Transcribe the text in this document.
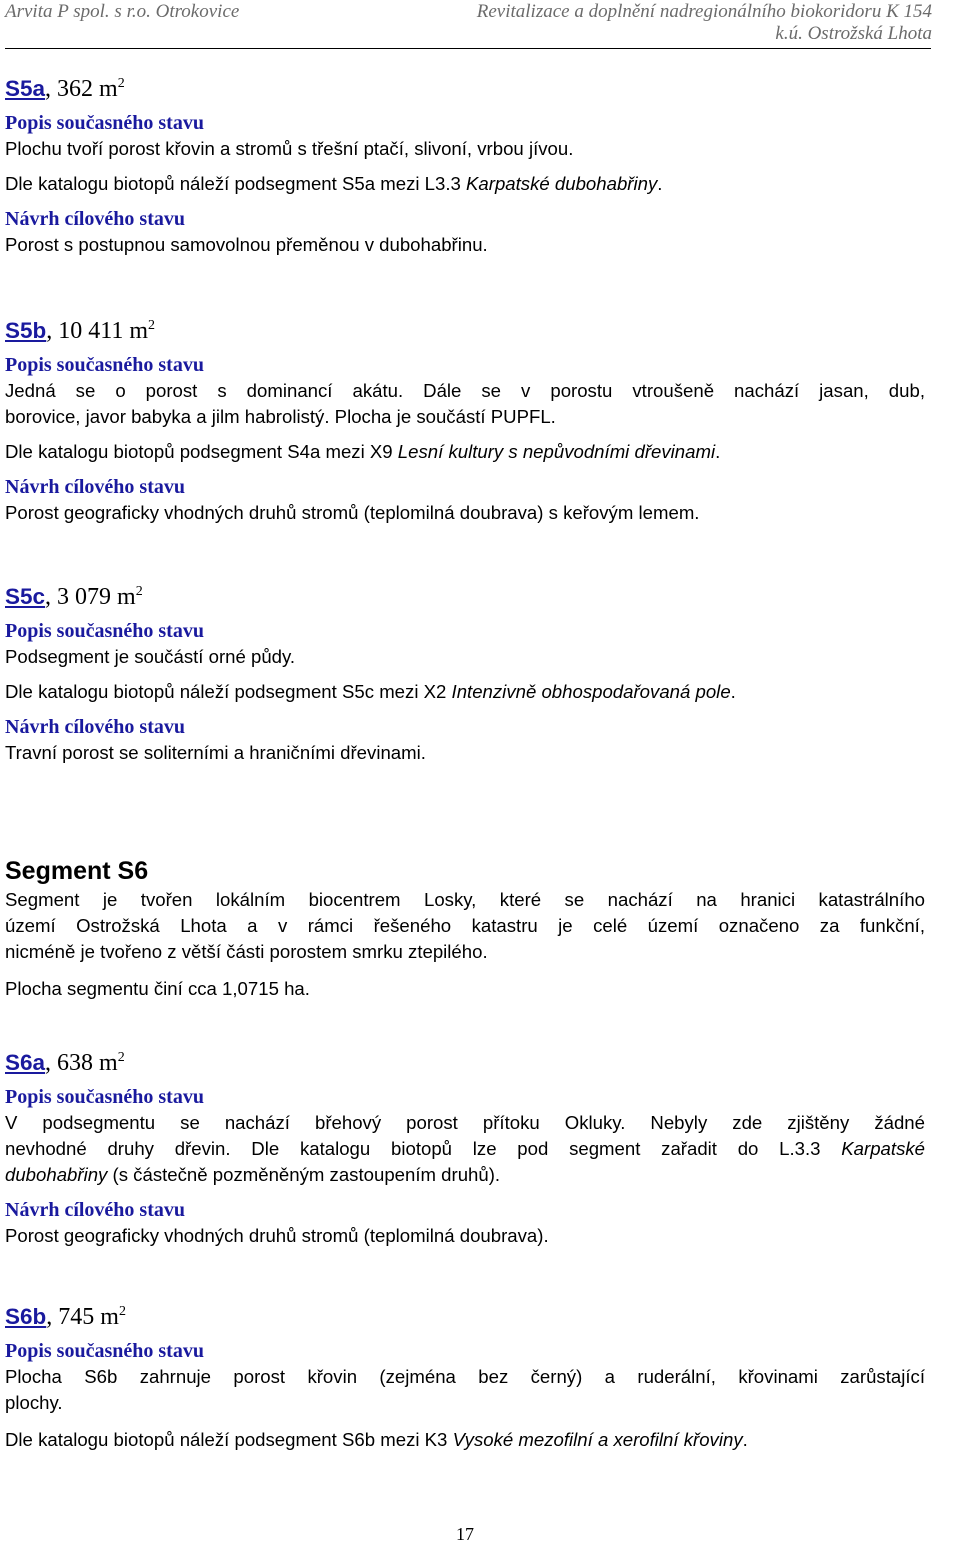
Arvita P spol. s r.o. Otrokovice	Revitalizace a doplnění nadregionálního biokoridoru K 154
k.ú. Ostrožská Lhota
S5a, 362 $m^2$
Popis současného stavu
Plochu tvoří porost křovin a stromů s třešní ptačí, slivoní, vrbou jívou.
Dle katalogu biotopů náleží podsegment S5a mezi L3.3 Karpatské dubohabřiny.
Návrh cílového stavu
Porost s postupnou samovolnou přeměnou v dubohabřinu.
S5b, 10 411 $m^2$
Popis současného stavu
Jedná se o porost s dominancí akátu. Dále se v porostu vtroušeně nachází jasan, dub,
borovice, javor babyka a jilm habrolistý. Plocha je součástí PUPFL.
Dle katalogu biotopů podsegment S4a mezi X9 Lesní kultury s nepůvodními dřevinami.
Návrh cílového stavu
Porost geograficky vhodných druhů stromů (teplomilná doubrava) s keřovým lemem.
S5c, 3 079 $m^2$
Popis současného stavu
Podsegment je součástí orné půdy.
Dle katalogu biotopů náleží podsegment S5c mezi X2 Intenzivně obhospodařovaná pole.
Návrh cílového stavu
Travní porost se soliterními a hraničními dřevinami.
Segment S6
Segment je tvořen lokálním biocentrem Losky, které se nachází na hranici katastrálního
území Ostrožská Lhota a v rámci řešeného katastru je celé území označeno za funkční,
nicméně je tvořeno z větší části porostem smrku ztepilého.
Plocha segmentu činí cca 1,0715 ha.
S6a, 638 $m^2$
Popis současného stavu
V podsegmentu se nachází břehový porost přítoku Okluky. Nebyly zde zjištěny žádné
nevhodné druhy dřevin. Dle katalogu biotopů lze pod segment zařadit do L.3.3 Karpatské
dubohabřiny (s částečně pozměněným zastoupením druhů).
Návrh cílového stavu
Porost geograficky vhodných druhů stromů (teplomilná doubrava).
S6b, 745 $m^2$
Popis současného stavu
Plocha S6b zahrnuje porost křovin (zejména bez černý) a ruderální, křovinami zarůstající
plochy.
Dle katalogu biotopů náleží podsegment S6b mezi K3 Vysoké mezofilní a xerofilní křoviny.
17
